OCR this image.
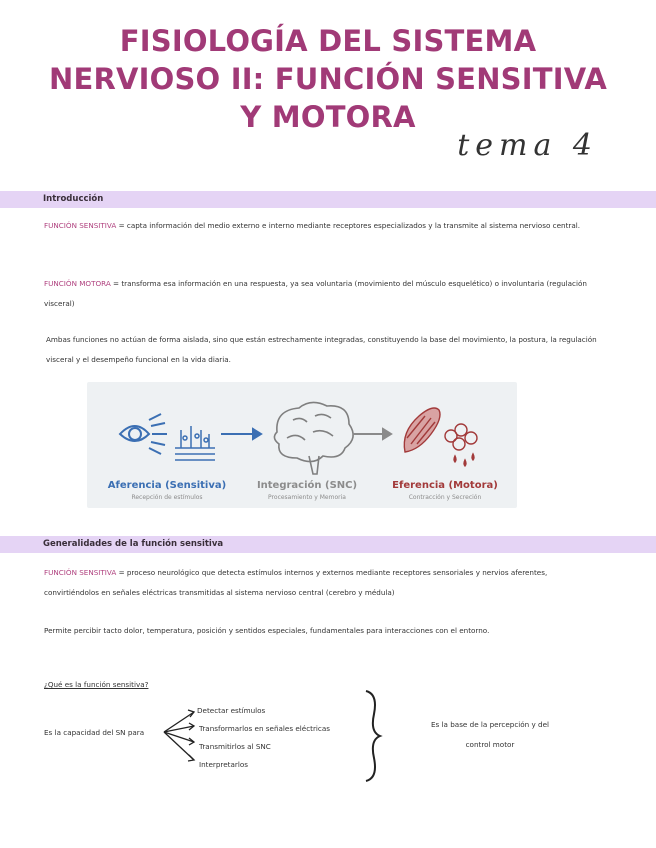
FISIOLOGÍA DEL SISTEMA
NERVIOSO II: FUNCIÓN SENSITIVA
Y MOTORA
tema 4
Introducción
FUNCIÓN SENSITIVA = capta información del medio externo e interno mediante receptores especializados y la transmite al sistema nervioso central.
FUNCIÓN MOTORA = transforma esa información en una respuesta, ya sea voluntaria (movimiento del músculo esquelético) o involuntaria (regulación visceral)
Ambas funciones no actúan de forma aislada, sino que están estrechamente integradas, constituyendo la base del movimiento, la postura, la regulación visceral y el desempeño funcional en la vida diaria.
Aferencia (Sensitiva)
Recepción de estímulos
Integración (SNC)
Procesamiento y Memoria
Eferencia (Motora)
Contracción y Secreción
Generalidades de la función sensitiva
FUNCIÓN SENSITIVA = proceso neurológico que detecta estímulos internos y externos mediante receptores sensoriales y nervios aferentes, convirtiéndolos en señales eléctricas transmitidas al sistema nervioso central (cerebro y médula)
Permite percibir tacto dolor, temperatura, posición y sentidos especiales, fundamentales para interacciones con el entorno.
¿Qué es la función sensitiva?
Es la capacidad del SN para
Detectar estímulos
Transformarlos en señales eléctricas
Transmitirlos al SNC
Interpretarlos
Es la base de la percepción y del
control motor
